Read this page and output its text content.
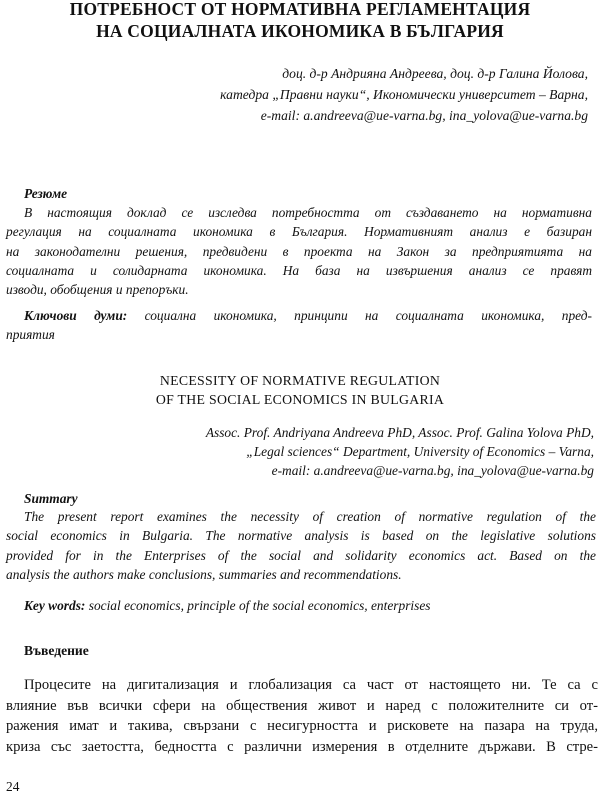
ПОТРЕБНОСТ ОТ НОРМАТИВНА РЕГЛАМЕНТАЦИЯ
НА СОЦИАЛНАТА ИКОНОМИКА В БЪЛГАРИЯ
доц. д-р Андрияна Андреева, доц. д-р Галина Йолова,
катедра „Правни науки“, Икономически университет – Варна,
e-mail: a.andreeva@ue-varna.bg, ina_yolova@ue-varna.bg
Резюме
В настоящия доклад се изследва потребността от създаването на нормативна
регулация на социалната икономика в България. Нормативният анализ е базиран
на законодателни решения, предвидени в проекта на Закон за предприятията на
социалната и солидарната икономика. На база на извършения анализ се правят
изводи, обобщения и препоръки.
Ключови думи: социална икономика, принципи на социалната икономика, пред-
приятия
NECESSITY OF NORMATIVE REGULATION
OF THE SOCIAL ECONOMICS IN BULGARIA
Assoc. Prof. Andriyana Andreeva PhD, Assoc. Prof. Galina Yolova PhD,
„Legal sciences“ Department, University of Economics – Varna,
e-mail: a.andreeva@ue-varna.bg, ina_yolova@ue-varna.bg
Summary
The present report examines the necessity of creation of normative regulation of the
social economics in Bulgaria. The normative analysis is based on the legislative solutions
provided for in the Enterprises of the social and solidarity economics act. Based on the
analysis the authors make conclusions, summaries and recommendations.
Key words: social economics, principle of the social economics, enterprises
Въведение
Процесите на дигитализация и глобализация са част от настоящето ни. Те са с
влияние във всички сфери на обществения живот и наред с положителните си от-
ражения имат и такива, свързани с несигурността и рисковете на пазара на труда,
криза със заетостта, бедността с различни измерения в отделните държави. В стре-
24
